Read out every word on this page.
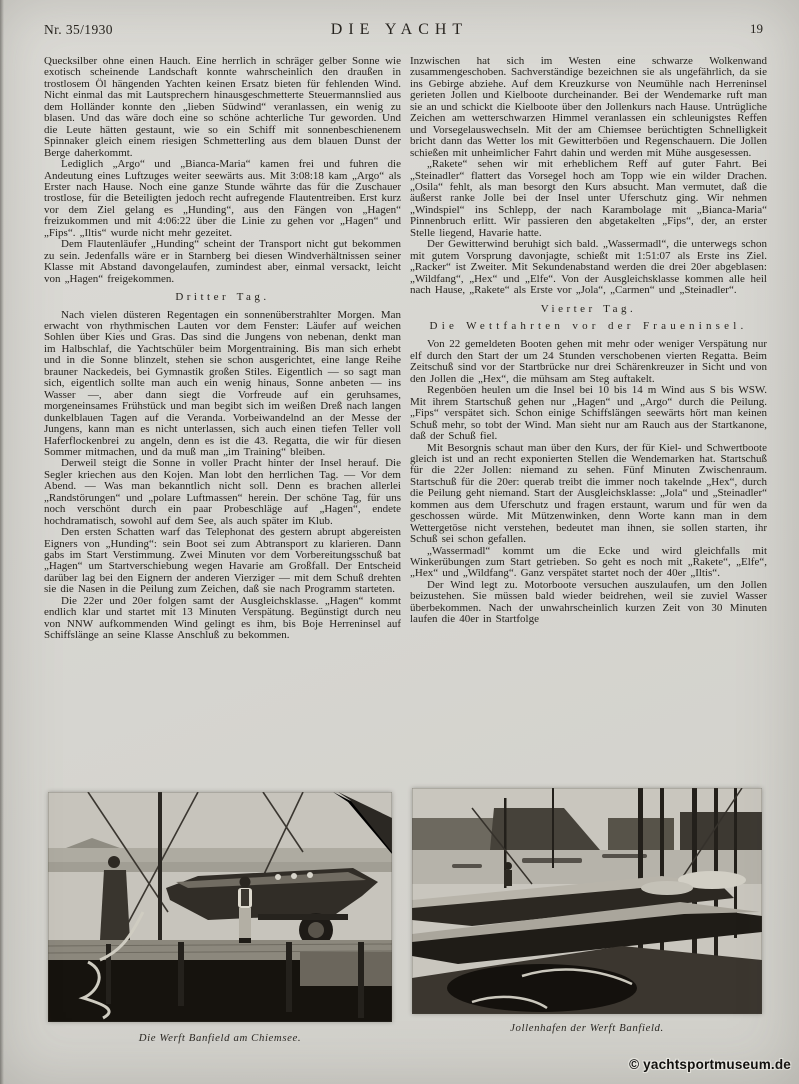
Nr. 35/1930	DIE YACHT	19

Quecksilber ohne einen Hauch. Eine herrlich in schräger gelber Sonne wie exotisch scheinende Landschaft konnte wahrscheinlich den draußen in trostlosem Öl hängenden Yachten keinen Ersatz bieten für fehlenden Wind. Nicht einmal das mit Lautsprechern hinausgeschmetterte Steuermannslied aus dem Holländer konnte den „lieben Südwind“ veranlassen, ein wenig zu blasen. Und das wäre doch eine so schöne achterliche Tur geworden. Und die Leute hätten gestaunt, wie so ein Schiff mit sonnenbeschienenem Spinnaker gleich einem riesigen Schmetterling aus dem blauen Dunst der Berge daherkommt.

Lediglich „Argo“ und „Bianca-Maria“ kamen frei und fuhren die Andeutung eines Luftzuges weiter seewärts aus. Mit 3:08:18 kam „Argo“ als Erster nach Hause. Noch eine ganze Stunde währte das für die Zuschauer trostlose, für die Beteiligten jedoch recht aufregende Flautentreiben. Erst kurz vor dem Ziel gelang es „Hunding“, aus den Fängen von „Hagen“ freizukommen und mit 4:06:22 über die Linie zu gehen vor „Hagen“ und „Fips“. „Iltis“ wurde nicht mehr gezeitet.

Dem Flautenläufer „Hunding“ scheint der Transport nicht gut bekommen zu sein. Jedenfalls wäre er in Starnberg bei diesen Windverhältnissen seiner Klasse mit Abstand davongelaufen, zumindest aber, einmal versackt, leicht von „Hagen“ freigekommen.

Dritter Tag.

Nach vielen düsteren Regentagen ein sonnenüberstrahlter Morgen. Man erwacht von rhythmischen Lauten vor dem Fenster: Läufer auf weichen Sohlen über Kies und Gras. Das sind die Jungens von nebenan, denkt man im Halbschlaf, die Yachtschüler beim Morgentraining. Bis man sich erhebt und in die Sonne blinzelt, stehen sie schon ausgerichtet, eine lange Reihe brauner Nackedeis, bei Gymnastik großen Stiles. Eigentlich — so sagt man sich, eigentlich sollte man auch ein wenig hinaus, Sonne anbeten — ins Wasser —, aber dann siegt die Vorfreude auf ein geruhsames, morgeneinsames Frühstück und man begibt sich im weißen Dreß nach langen dunkelblauen Tagen auf die Veranda. Vorbeiwandelnd an der Messe der Jungens, kann man es nicht unterlassen, sich auch einen tiefen Teller voll Haferflockenbrei zu angeln, denn es ist die 43. Regatta, die wir für diesen Sommer mitmachen, und da muß man „im Training“ bleiben.

Derweil steigt die Sonne in voller Pracht hinter der Insel herauf. Die Segler kriechen aus den Kojen. Man lobt den herrlichen Tag. — Vor dem Abend. — Was man bekanntlich nicht soll. Denn es brachen allerlei „Randstörungen“ und „polare Luftmassen“ herein. Der schöne Tag, für uns noch verschönt durch ein paar Probeschläge auf „Hagen“, endete hochdramatisch, sowohl auf dem See, als auch später im Klub.

Den ersten Schatten warf das Telephonat des gestern abrupt abgereisten Eigners von „Hunding“: sein Boot sei zum Abtransport zu klarieren. Dann gabs im Start Verstimmung. Zwei Minuten vor dem Vorbereitungsschuß bat „Hagen“ um Startverschiebung wegen Havarie am Großfall. Der Entscheid darüber lag bei den Eignern der anderen Vierziger — mit dem Schuß drehten sie die Nasen in die Peilung zum Zeichen, daß sie nach Programm starteten.

Die 22er und 20er folgen samt der Ausgleichsklasse. „Hagen“ kommt endlich klar und startet mit 13 Minuten Verspätung. Begünstigt durch neu von NNW aufkommenden Wind gelingt es ihm, bis Boje Herreninsel auf Schiffslänge an seine Klasse Anschluß zu bekommen.

Inzwischen hat sich im Westen eine schwarze Wolkenwand zusammengeschoben. Sachverständige bezeichnen sie als ungefährlich, da sie ins Gebirge abziehe. Auf dem Kreuzkurse von Neumühle nach Herreninsel gerieten Jollen und Kielboote durcheinander. Bei der Wendemarke ruft man sie an und schickt die Kielboote über den Jollenkurs nach Hause. Untrügliche Zeichen am wetterschwarzen Himmel veranlassen ein schleunigstes Reffen und Vorsegelauswechseln. Mit der am Chiemsee berüchtigten Schnelligkeit bricht dann das Wetter los mit Gewitterböen und Regenschauern. Die Jollen schießen mit unheimlicher Fahrt dahin und werden mit Mühe ausgesessen.

„Rakete“ sehen wir mit erheblichem Reff auf guter Fahrt. Bei „Steinadler“ flattert das Vorsegel hoch am Topp wie ein wilder Drachen. „Osila“ fehlt, als man besorgt den Kurs absucht. Man vermutet, daß die äußerst ranke Jolle bei der Insel unter Uferschutz ging. Wir nehmen „Windspiel“ ins Schlepp, der nach Karambolage mit „Bianca-Maria“ Pinnenbruch erlitt. Wir passieren den abgetakelten „Fips“, der, an erster Stelle liegend, Havarie hatte.

Der Gewitterwind beruhigt sich bald. „Wassermadl“, die unterwegs schon mit gutem Vorsprung davonjagte, schießt mit 1:51:07 als Erste ins Ziel. „Racker“ ist Zweiter. Mit Sekundenabstand werden die drei 20er abgeblasen: „Wildfang“, „Hex“ und „Elfe“. Von der Ausgleichsklasse kommen alle heil nach Hause, „Rakete“ als Erste vor „Jola“, „Carmen“ und „Steinadler“.

Vierter Tag.
Die Wettfahrten vor der Fraueninsel.

Von 22 gemeldeten Booten gehen mit mehr oder weniger Verspätung nur elf durch den Start der um 24 Stunden verschobenen vierten Regatta. Beim Zeitschuß sind vor der Startbrücke nur drei Schärenkreuzer in Sicht und von den Jollen die „Hex“, die mühsam am Steg auftakelt.

Regenböen heulen um die Insel bei 10 bis 14 m Wind aus S bis WSW. Mit ihrem Startschuß gehen nur „Hagen“ und „Argo“ durch die Peilung. „Fips“ verspätet sich. Schon einige Schiffslängen seewärts hört man keinen Schuß mehr, so tobt der Wind. Man sieht nur am Rauch aus der Startkanone, daß der Schuß fiel.

Mit Besorgnis schaut man über den Kurs, der für Kiel- und Schwertboote gleich ist und an recht exponierten Stellen die Wendemarken hat. Startschuß für die 22er Jollen: niemand zu sehen. Fünf Minuten Zwischenraum. Startschuß für die 20er: querab treibt die immer noch takelnde „Hex“, durch die Peilung geht niemand. Start der Ausgleichsklasse: „Jola“ und „Steinadler“ kommen aus dem Uferschutz und fragen erstaunt, warum und für wen da geschossen würde. Mit Mützenwinken, denn Worte kann man in dem Wettergetöse nicht verstehen, bedeutet man ihnen, sie sollen starten, ihr Schuß sei schon gefallen.

„Wassermadl“ kommt um die Ecke und wird gleichfalls mit Winkerübungen zum Start getrieben. So geht es noch mit „Rakete“, „Elfe“, „Hex“ und „Wildfang“. Ganz verspätet startet noch der 40er „Iltis“.

Der Wind legt zu. Motorboote versuchen auszulaufen, um den Jollen beizustehen. Sie müssen bald wieder beidrehen, weil sie zuviel Wasser überbekommen. Nach der unwahrscheinlich kurzen Zeit von 30 Minuten laufen die 40er in Startfolge

Die Werft Banfield am Chiemsee.
Jollenhafen der Werft Banfield.
© yachtsportmuseum.de
